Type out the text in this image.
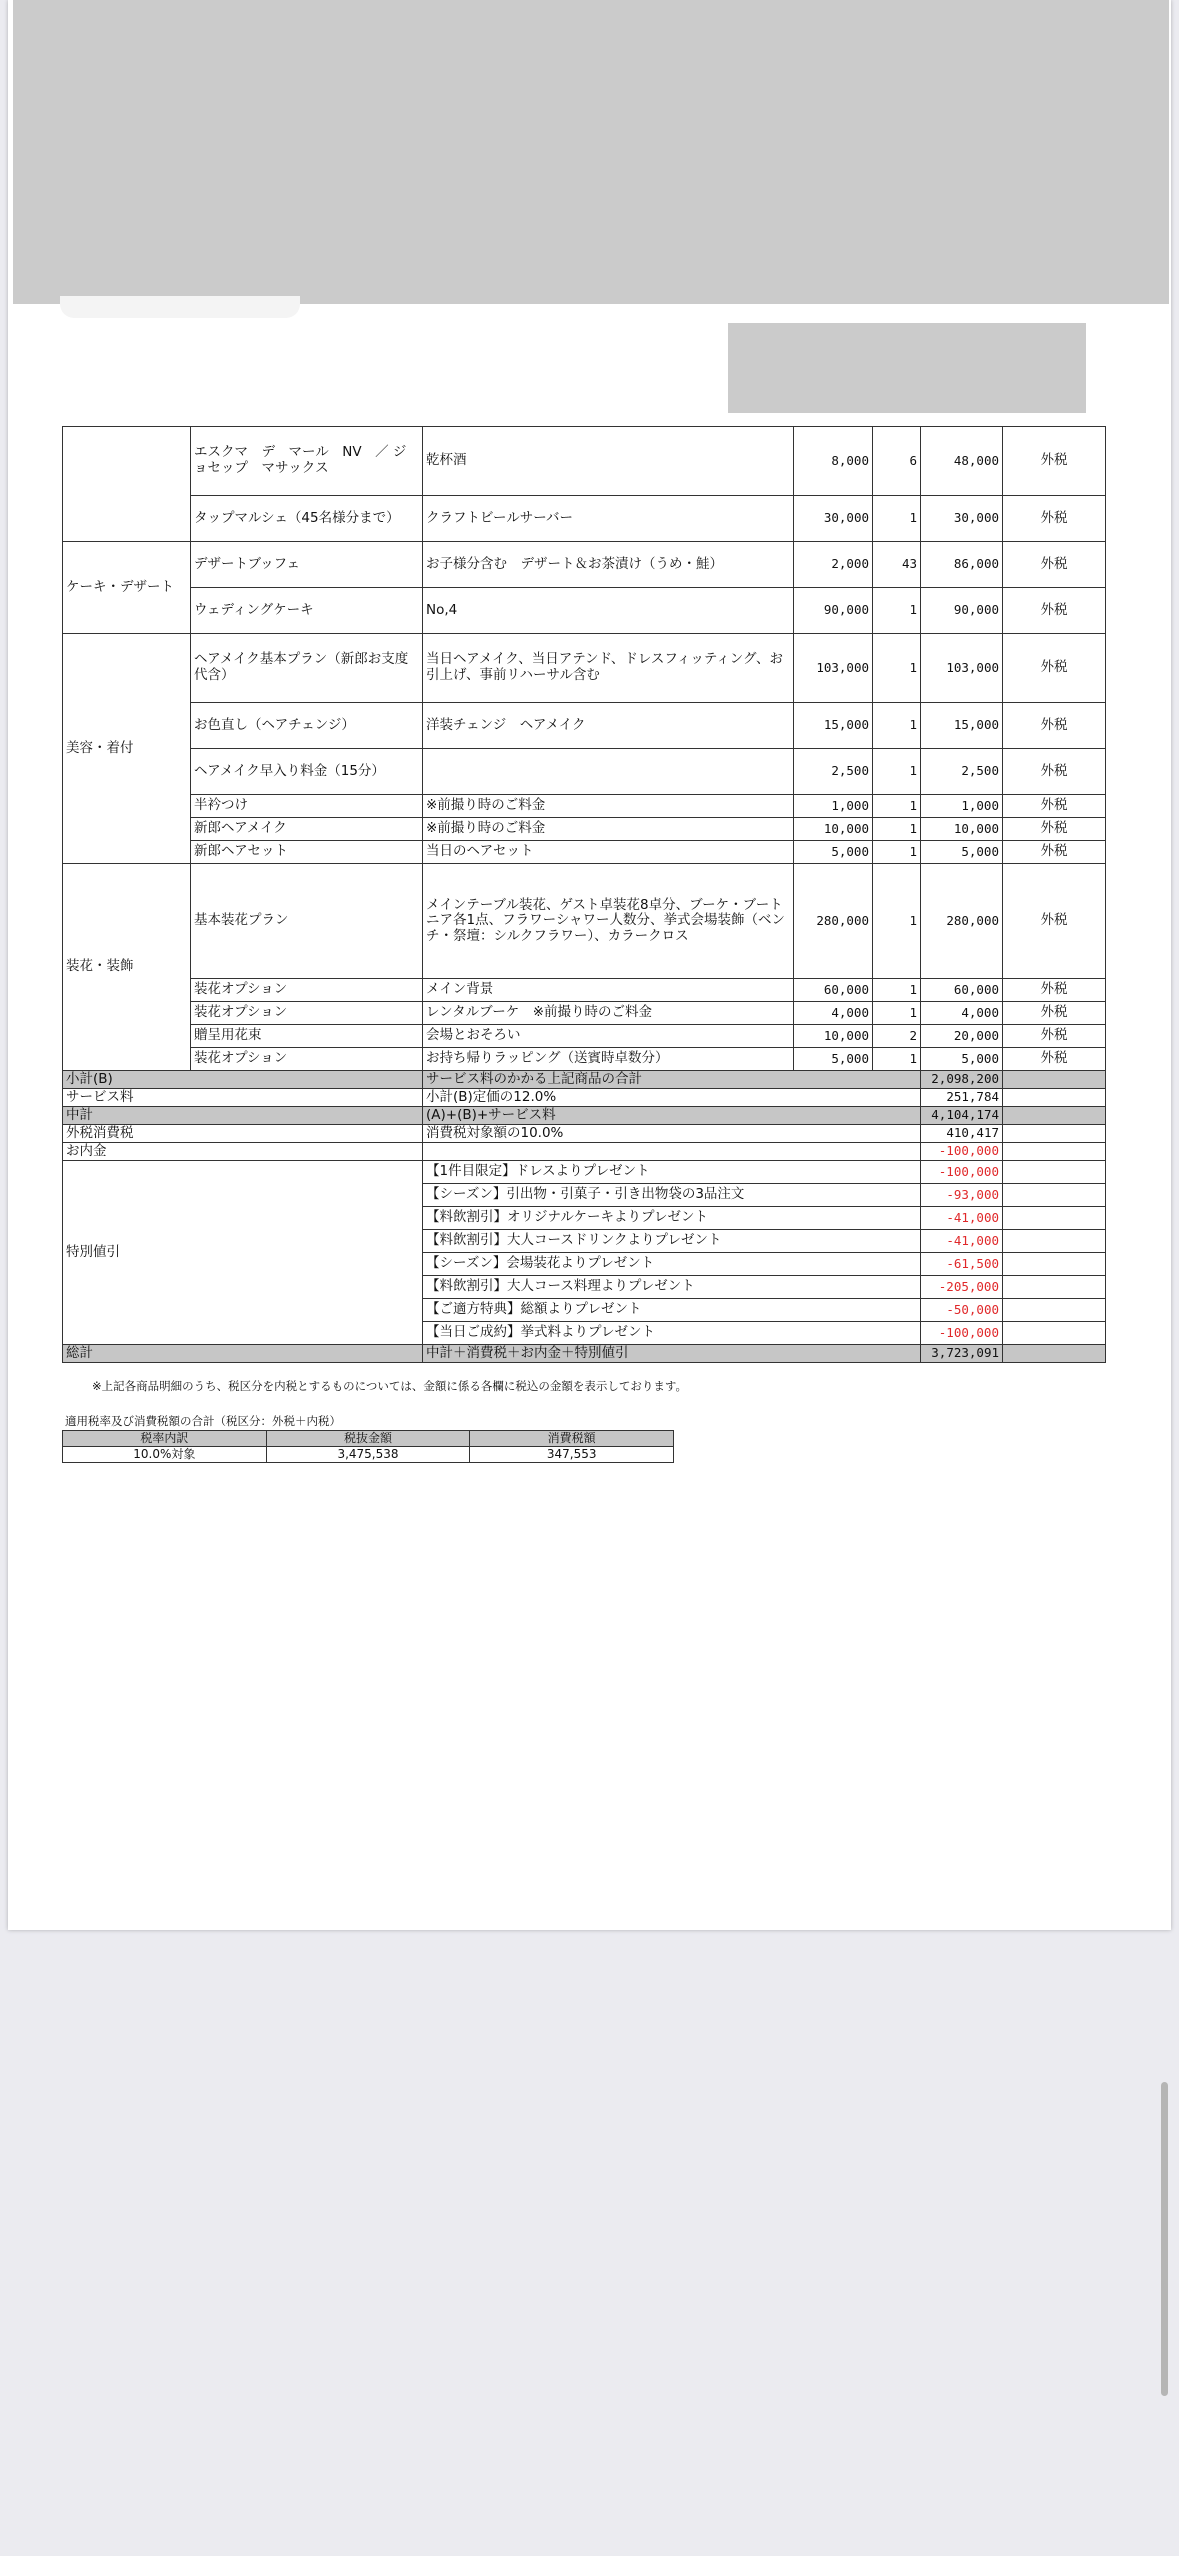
	エスクマ　デ　マール　NV　／ ジョセップ　マサックス	乾杯酒	8,000	6	48,000	外税
	タップマルシェ（45名様分まで）	クラフトビールサーバー	30,000	1	30,000	外税
ケーキ・デザート	デザートブッフェ	お子様分含む　デザート＆お茶漬け（うめ・鮭）	2,000	43	86,000	外税
	ウェディングケーキ	No,4	90,000	1	90,000	外税
美容・着付	ヘアメイク基本プラン（新郎お支度代含）	当日ヘアメイク、当日アテンド、ドレスフィッティング、お引上げ、事前リハーサル含む	103,000	1	103,000	外税
	お色直し（ヘアチェンジ）	洋装チェンジ　ヘアメイク	15,000	1	15,000	外税
	ヘアメイク早入り料金（15分）		2,500	1	2,500	外税
	半衿つけ	※前撮り時のご料金	1,000	1	1,000	外税
	新郎ヘアメイク	※前撮り時のご料金	10,000	1	10,000	外税
	新郎ヘアセット	当日のヘアセット	5,000	1	5,000	外税
装花・装飾	基本装花プラン	メインテーブル装花、ゲスト卓装花8卓分、ブーケ・ブートニア各1点、フラワーシャワー人数分、挙式会場装飾（ベンチ・祭壇：シルクフラワー）、カラークロス	280,000	1	280,000	外税
	装花オプション	メイン背景	60,000	1	60,000	外税
	装花オプション	レンタルブーケ　※前撮り時のご料金	4,000	1	4,000	外税
	贈呈用花束	会場とおそろい	10,000	2	20,000	外税
	装花オプション	お持ち帰りラッピング（送賓時卓数分）	5,000	1	5,000	外税
小計(B)		サービス料のかかる上記商品の合計			2,098,200	
サービス料		小計(B)定価の12.0%			251,784	
中計		(A)+(B)+サービス料			4,104,174	
外税消費税		消費税対象額の10.0%			410,417	
お内金					-100,000	
特別値引		【1件目限定】ドレスよりプレゼント			-100,000	
		【シーズン】引出物・引菓子・引き出物袋の3品注文			-93,000	
		【料飲割引】オリジナルケーキよりプレゼント			-41,000	
		【料飲割引】大人コースドリンクよりプレゼント			-41,000	
		【シーズン】会場装花よりプレゼント			-61,500	
		【料飲割引】大人コース料理よりプレゼント			-205,000	
		【ご適方特典】総額よりプレゼント			-50,000	
		【当日ご成約】挙式料よりプレゼント			-100,000	
総計		中計＋消費税＋お内金＋特別値引			3,723,091	
※上記各商品明細のうち、税区分を内税とするものについては、金額に係る各欄に税込の金額を表示しております。
適用税率及び消費税額の合計（税区分：外税＋内税）
税率内訳	税抜金額	消費税額
10.0%対象	3,475,538	347,553
